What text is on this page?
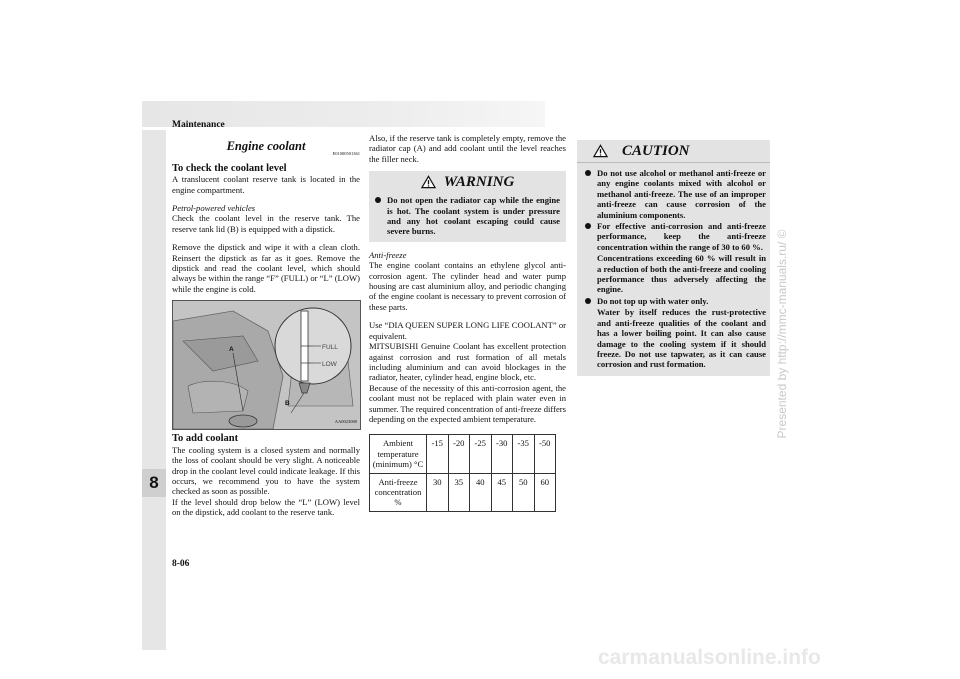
Maintenance
8
8-06
Presented by http://mmc-manuals.ru/ ©
carmanualsonline.info
Engine coolant
E01000501361
To check the coolant level

A translucent coolant reserve tank is located in the engine compartment.

Petrol-powered vehicles

Check the coolant level in the reserve tank. The reserve tank lid (B) is equipped with a dipstick.

Remove the dipstick and wipe it with a clean cloth. Reinsert the dipstick as far as it goes. Remove the dipstick and read the coolant level, which should always be within the range “F” (FULL) or “L” (LOW) while the engine is cold.

FULL
LOW
A
B
AA0023080
To add coolant

The cooling system is a closed system and normally the loss of coolant should be very slight. A noticeable drop in the coolant level could indicate leakage. If this occurs, we recommend you to have the system checked as soon as possible.

If the level should drop below the “L” (LOW) level on the dipstick, add coolant to the reserve tank.

Also, if the reserve tank is completely empty, remove the radiator cap (A) and add coolant until the level reaches the filler neck.

WARNING
Do not open the radiator cap while the engine is hot. The coolant system is under pressure and any hot coolant escaping could cause severe burns.

Anti-freeze

The engine coolant contains an ethylene glycol anti-corrosion agent. The cylinder head and water pump housing are cast aluminium alloy, and periodic changing of the engine coolant is necessary to prevent corrosion of these parts.

Use “DIA QUEEN SUPER LONG LIFE COOLANT” or equivalent.

MITSUBISHI Genuine Coolant has excellent protection against corrosion and rust formation of all metals including aluminium and can avoid blockages in the radiator, heater, cylinder head, engine block, etc.

Because of the necessity of this anti-corrosion agent, the coolant must not be replaced with plain water even in summer. The required concentration of anti-freeze differs depending on the expected ambient temperature.

Ambient temperature (minimum) °C	-15	-20	-25	-30	-35	-50
Anti-freeze concentration %	30	35	40	45	50	60
CAUTION
Do not use alcohol or methanol anti-freeze or any engine coolants mixed with alcohol or methanol anti-freeze. The use of an improper anti-freeze can cause corrosion of the aluminium components.
For effective anti-corrosion and anti-freeze performance, keep the anti-freeze concentration within the range of 30 to 60 %.
Concentrations exceeding 60 % will result in a reduction of both the anti-freeze and cooling performance thus adversely affecting the engine.
Do not top up with water only.
Water by itself reduces the rust-protective and anti-freeze qualities of the coolant and has a lower boiling point. It can also cause damage to the cooling system if it should freeze. Do not use tapwater, as it can cause corrosion and rust formation.
